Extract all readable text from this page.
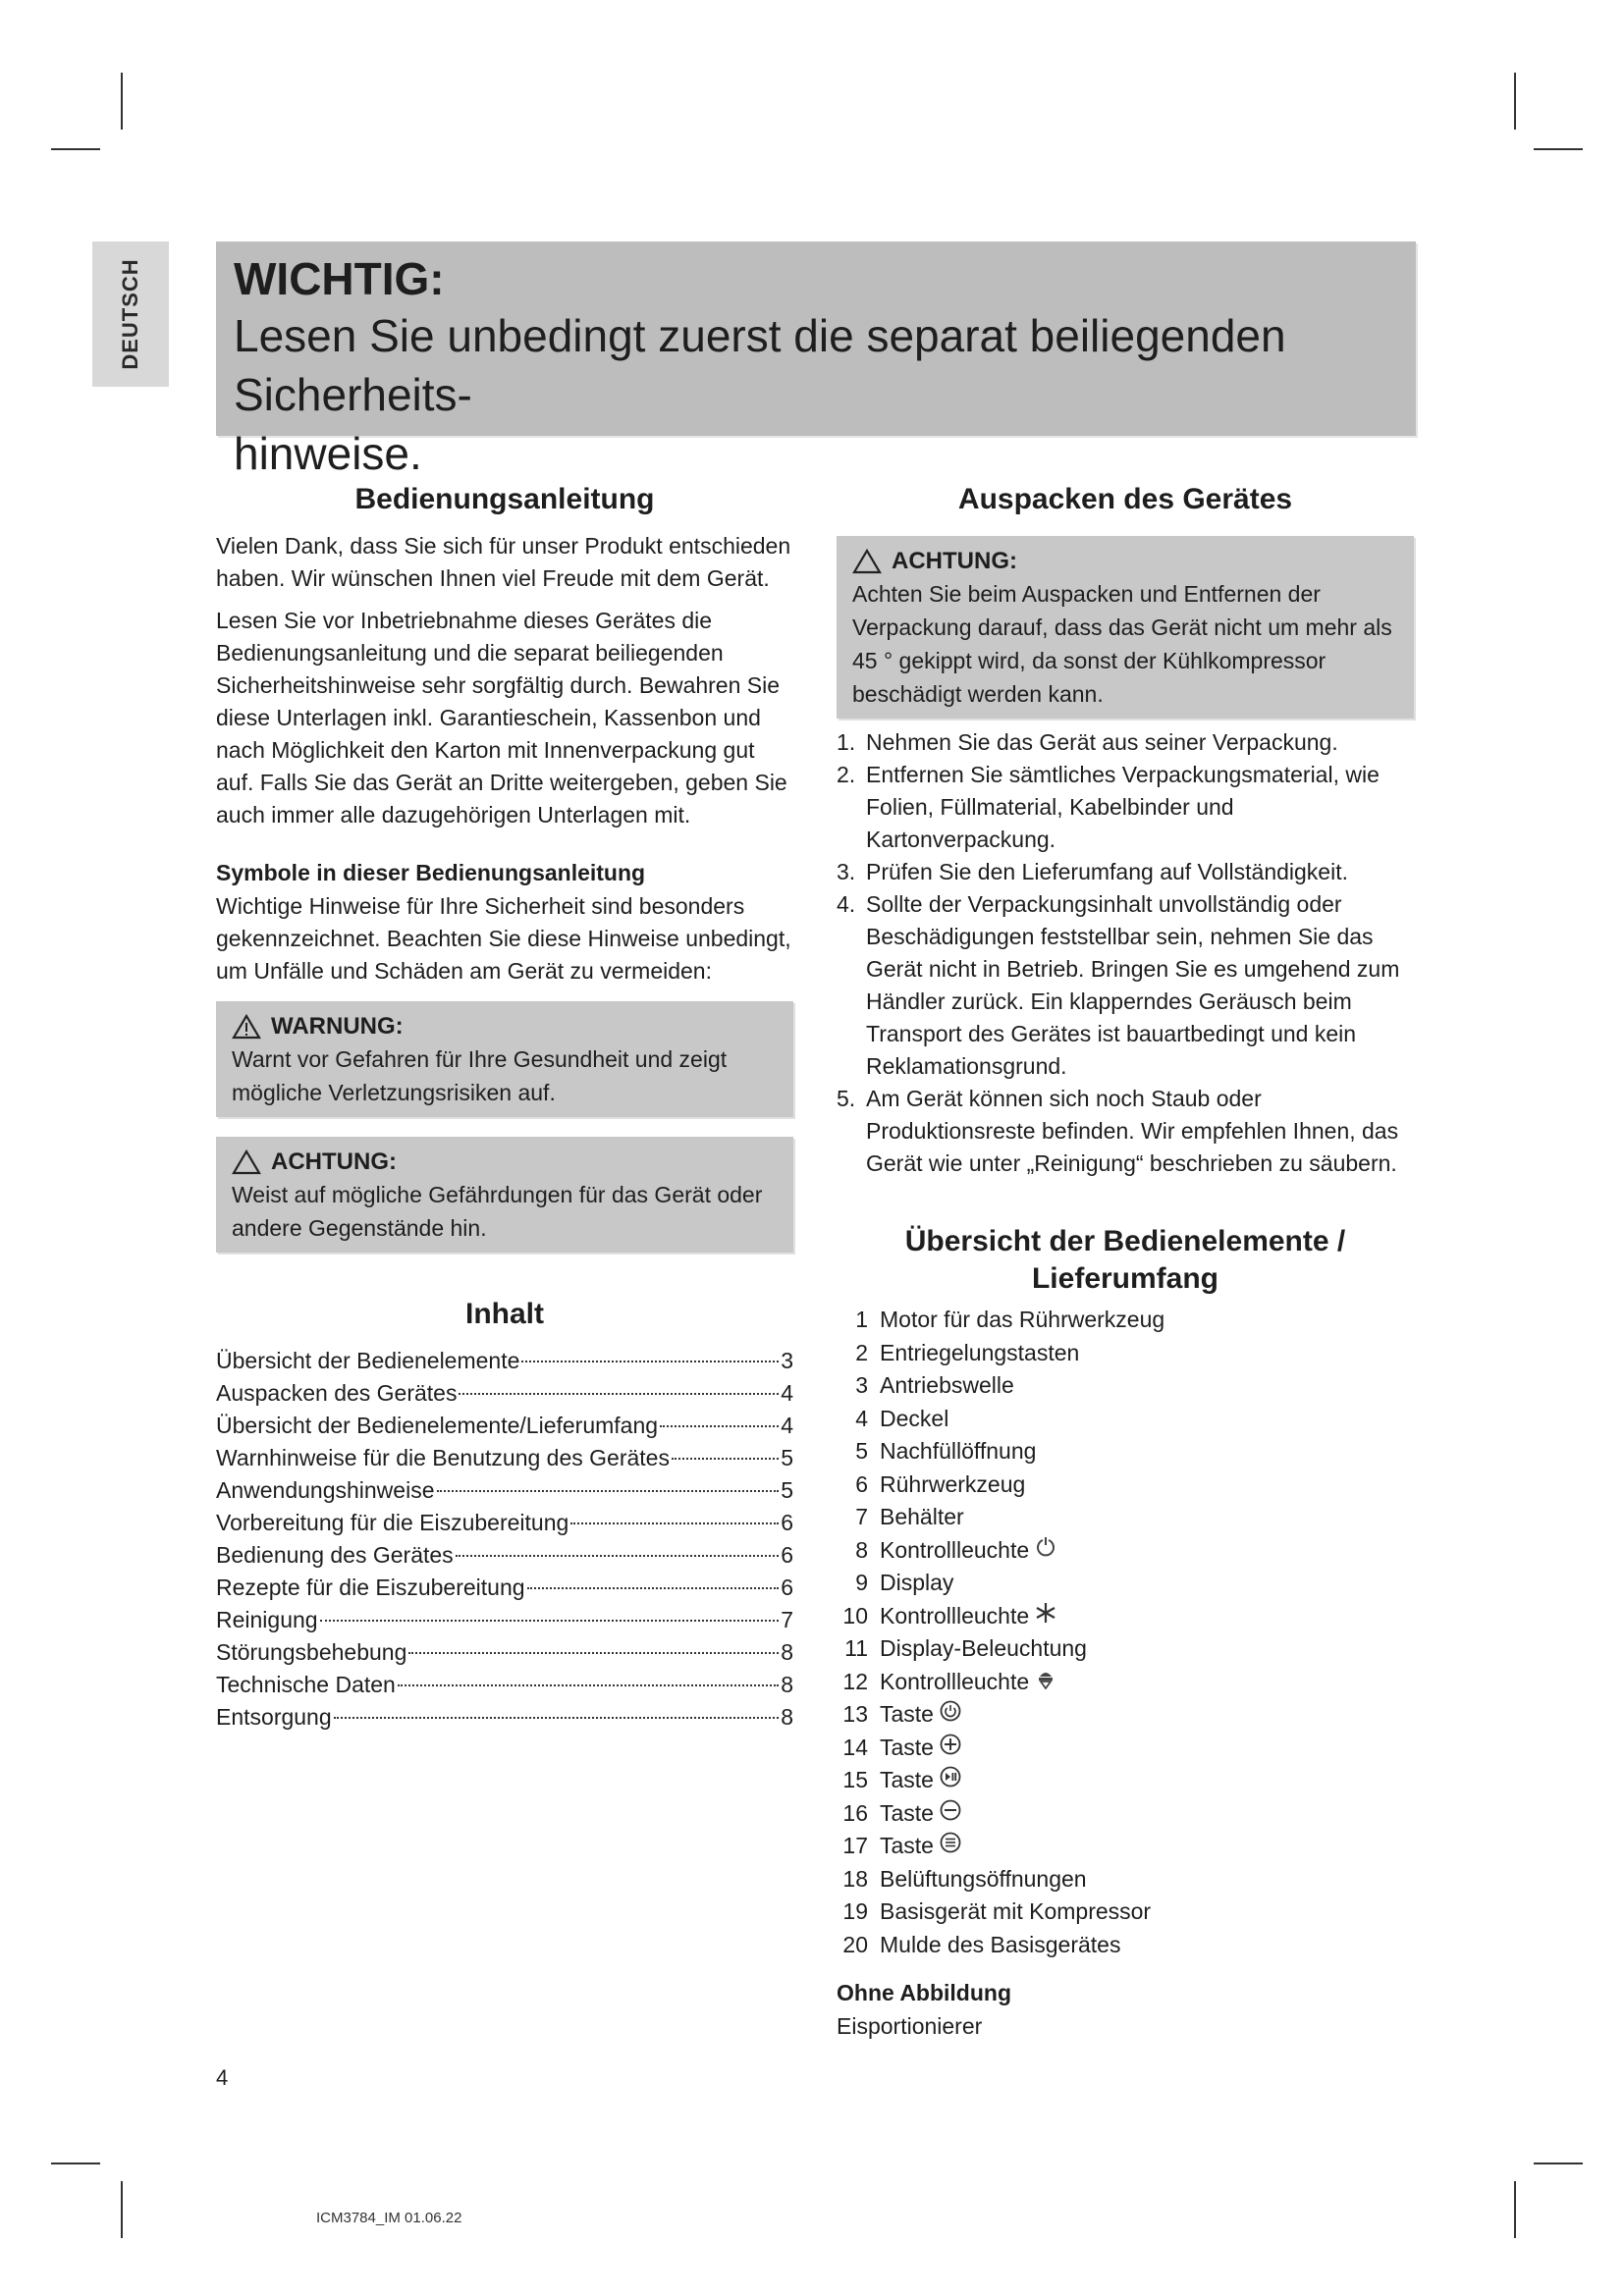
DEUTSCH WICHTIG:

Lesen Sie unbedingt zuerst die separat beiliegenden Sicherheits-
hinweise.

Bedienungsanleitung

Vielen Dank, dass Sie sich für unser Produkt entschieden haben. Wir wünschen Ihnen viel Freude mit dem Gerät.

Lesen Sie vor Inbetriebnahme dieses Gerätes die Bedienungsanleitung und die separat beiliegenden Sicherheitshinweise sehr sorgfältig durch. Bewahren Sie diese Unterlagen inkl. Garantieschein, Kassenbon und nach Möglichkeit den Karton mit Innenverpackung gut auf. Falls Sie das Gerät an Dritte weitergeben, geben Sie auch immer alle dazugehörigen Unterlagen mit.

Symbole in dieser Bedienungsanleitung

Wichtige Hinweise für Ihre Sicherheit sind besonders gekennzeichnet. Beachten Sie diese Hinweise unbedingt, um Unfälle und Schäden am Gerät zu vermeiden:

WARNUNG:

Warnt vor Gefahren für Ihre Gesundheit und zeigt mögliche Verletzungsrisiken auf.

ACHTUNG:

Weist auf mögliche Gefährdungen für das Gerät oder andere Gegenstände hin.

Inhalt
Übersicht der Bedienelemente	3
Auspacken des Gerätes	4
Übersicht der Bedienelemente/Lieferumfang	4
Warnhinweise für die Benutzung des Gerätes	5
Anwendungshinweise	5
Vorbereitung für die Eiszubereitung	6
Bedienung des Gerätes	6
Rezepte für die Eiszubereitung	6
Reinigung	7
Störungsbehebung	8
Technische Daten	8
Entsorgung	8
Auspacken des Gerätes
ACHTUNG:

Achten Sie beim Auspacken und Entfernen der Verpackung darauf, dass das Gerät nicht um mehr als 45 ° gekippt wird, da sonst der Kühlkompressor beschädigt werden kann.

1. Nehmen Sie das Gerät aus seiner Verpackung.
2. Entfernen Sie sämtliches Verpackungsmaterial, wie Folien, Füllmaterial, Kabelbinder und Kartonverpackung.
3. Prüfen Sie den Lieferumfang auf Vollständigkeit.
4. Sollte der Verpackungsinhalt unvollständig oder Beschädigungen feststellbar sein, nehmen Sie das Gerät nicht in Betrieb. Bringen Sie es umgehend zum Händler zurück. Ein klapperndes Geräusch beim Transport des Gerätes ist bauartbedingt und kein Reklamationsgrund.
5. Am Gerät können sich noch Staub oder Produktionsreste befinden. Wir empfehlen Ihnen, das Gerät wie unter „Reinigung“ beschrieben zu säubern.
Übersicht der Bedienelemente /
Lieferumfang
1 Motor für das Rührwerkzeug
2 Entriegelungstasten
3 Antriebswelle
4 Deckel
5 Nachfüllöffnung
6 Rührwerkzeug
7 Behälter
8 Kontrollleuchte
9 Display
10 Kontrollleuchte
11 Display-Beleuchtung
12 Kontrollleuchte
13 Taste
14 Taste
15 Taste
16 Taste
17 Taste
18 Belüftungsöffnungen
19 Basisgerät mit Kompressor
20 Mulde des Basisgerätes

Ohne Abbildung

Eisportionierer

4
ICM3784_IM 01.06.22
